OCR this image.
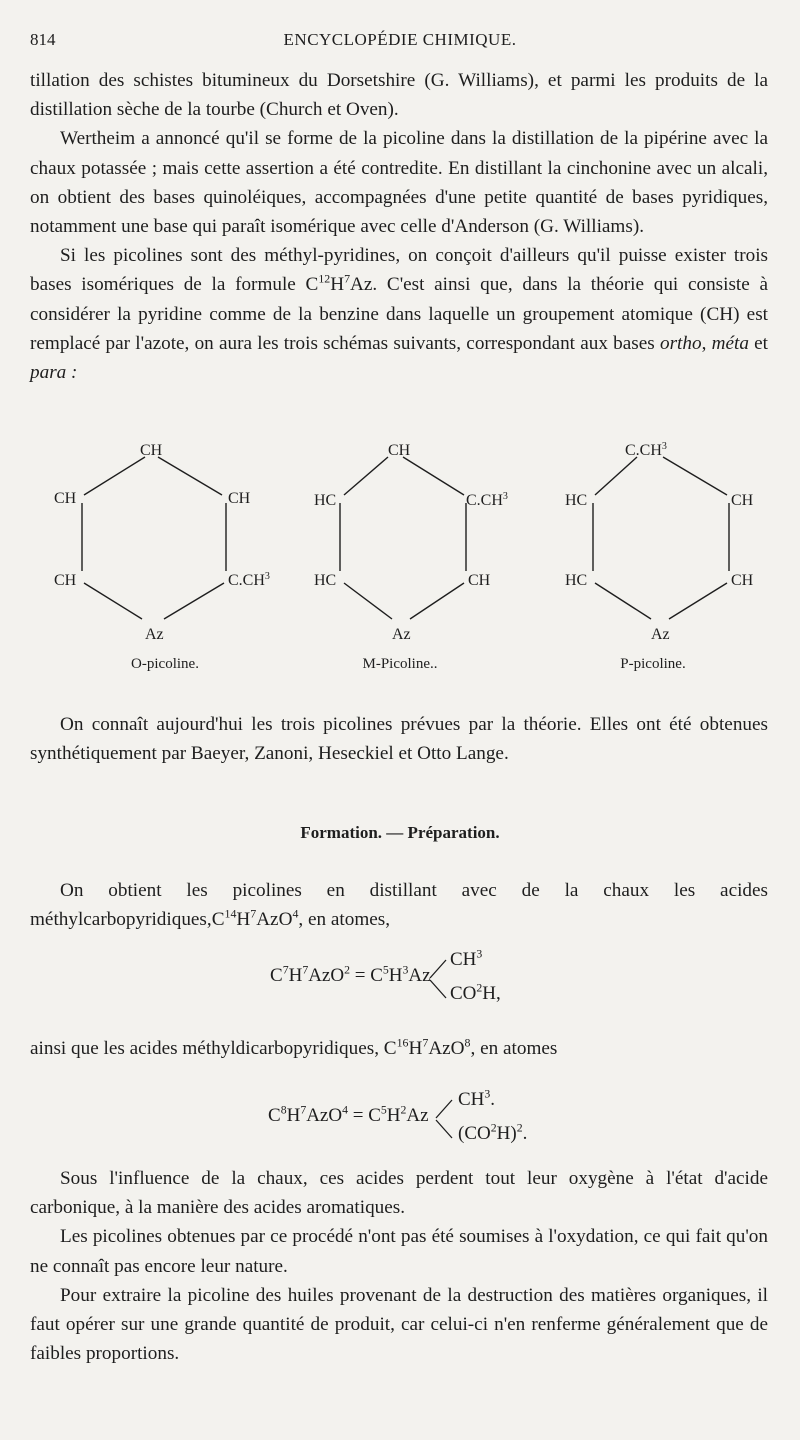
814	ENCYCLOPÉDIE CHIMIQUE.

tillation des schistes bitumineux du Dorsetshire (G. Williams), et parmi les produits de la distillation sèche de la tourbe (Church et Oven).

Wertheim a annoncé qu'il se forme de la picoline dans la distillation de la pipérine avec la chaux potassée ; mais cette assertion a été contredite. En distillant la cinchonine avec un alcali, on obtient des bases quinoléiques, accompagnées d'une petite quantité de bases pyridiques, notamment une base qui paraît isomérique avec celle d'Anderson (G. Williams).

Si les picolines sont des méthyl-pyridines, on conçoit d'ailleurs qu'il puisse exister trois bases isomériques de la formule $C^{12}H^7Az$. C'est ainsi que, dans la théorie qui consiste à considérer la pyridine comme de la benzine dans laquelle un groupement atomique (CH) est remplacé par l'azote, on aura les trois schémas suivants, correspondant aux bases ortho, méta et para :

CH
CH	CH
CH	$C.CH^3$
Az
O-picoline.
CH
HC	$C.CH^3$
HC	CH
Az
M-Picoline..
$C.CH^3$
HC	CH
HC	CH
Az
P-picoline.

On connaît aujourd'hui les trois picolines prévues par la théorie. Elles ont été obtenues synthétiquement par Baeyer, Zanoni, Heseckiel et Otto Lange.

Formation. — Préparation.

On obtient les picolines en distillant avec de la chaux les acides $méthylcarbopyridiques,C^{14}H^7AzO^4$, en atomes,

$C^7H^7AzO^2 = C^5H^3Az$
$CH^3$
$CO^2H$,

ainsi que les acides méthyldicarbopyridiques, $C^{16}H^7AzO^8$, en atomes

$C^8H^7AzO^4 = C^5H^2Az$
$CH^3$.
$(CO^2H)^2$.

Sous l'influence de la chaux, ces acides perdent tout leur oxygène à l'état d'acide carbonique, à la manière des acides aromatiques.

Les picolines obtenues par ce procédé n'ont pas été soumises à l'oxydation, ce qui fait qu'on ne connaît pas encore leur nature.

Pour extraire la picoline des huiles provenant de la destruction des matières organiques, il faut opérer sur une grande quantité de produit, car celui-ci n'en renferme généralement que de faibles proportions.
